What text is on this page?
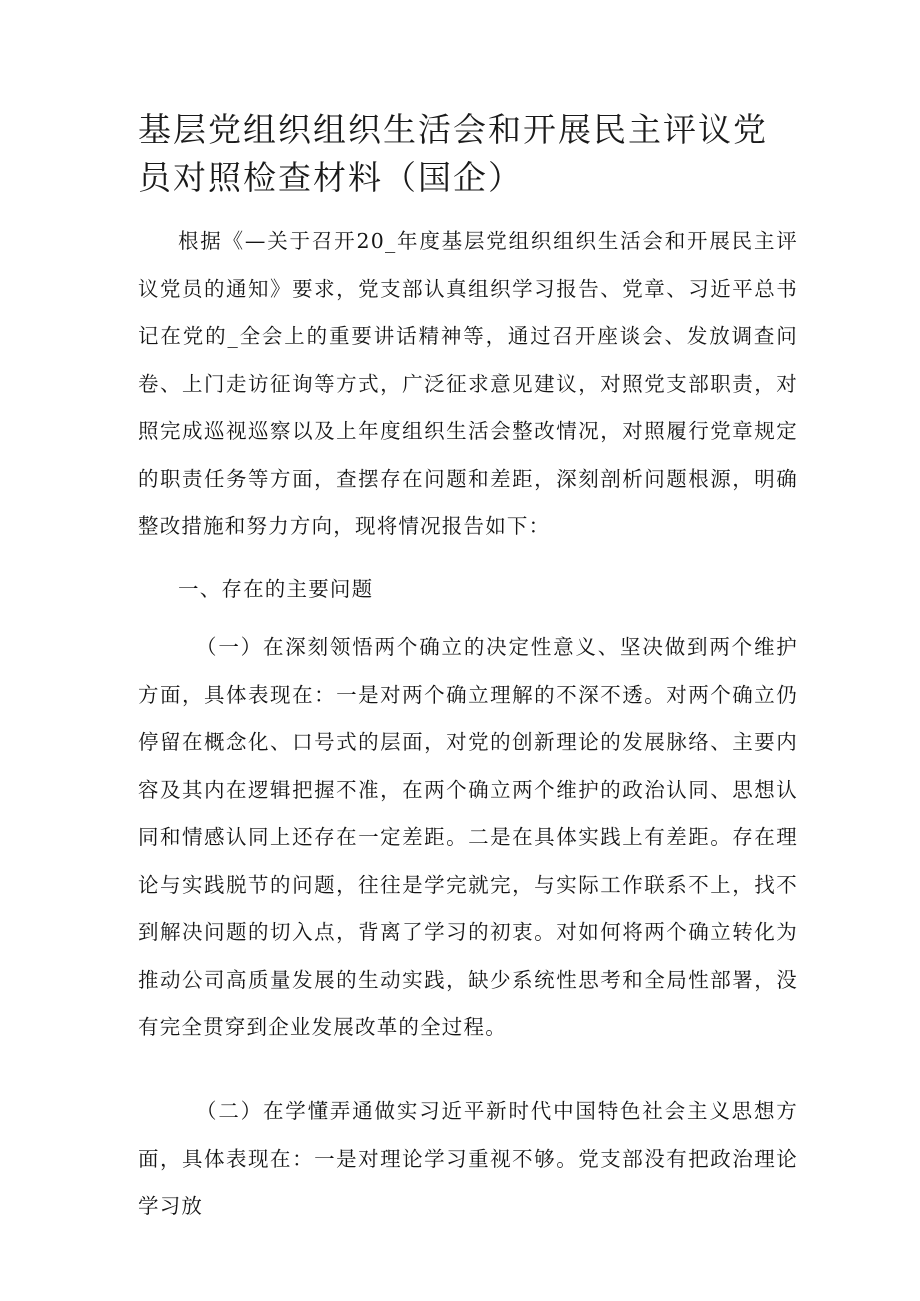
基层党组织组织生活会和开展民主评议党员对照检查材料（国企）

根据《—关于召开20_年度基层党组织组织生活会和开展民主评议党员的通知》要求，党支部认真组织学习报告、党章、习近平总书记在党的_全会上的重要讲话精神等，通过召开座谈会、发放调查问卷、上门走访征询等方式，广泛征求意见建议，对照党支部职责，对照完成巡视巡察以及上年度组织生活会整改情况，对照履行党章规定的职责任务等方面，查摆存在问题和差距，深刻剖析问题根源，明确整改措施和努力方向，现将情况报告如下：

一、存在的主要问题

（一）在深刻领悟两个确立的决定性意义、坚决做到两个维护方面，具体表现在：一是对两个确立理解的不深不透。对两个确立仍停留在概念化、口号式的层面，对党的创新理论的发展脉络、主要内容及其内在逻辑把握不准，在两个确立两个维护的政治认同、思想认同和情感认同上还存在一定差距。二是在具体实践上有差距。存在理论与实践脱节的问题，往往是学完就完，与实际工作联系不上，找不到解决问题的切入点，背离了学习的初衷。对如何将两个确立转化为推动公司高质量发展的生动实践，缺少系统性思考和全局性部署，没有完全贯穿到企业发展改革的全过程。

（二）在学懂弄通做实习近平新时代中国特色社会主义思想方面，具体表现在：一是对理论学习重视不够。党支部没有把政治理论学习放
